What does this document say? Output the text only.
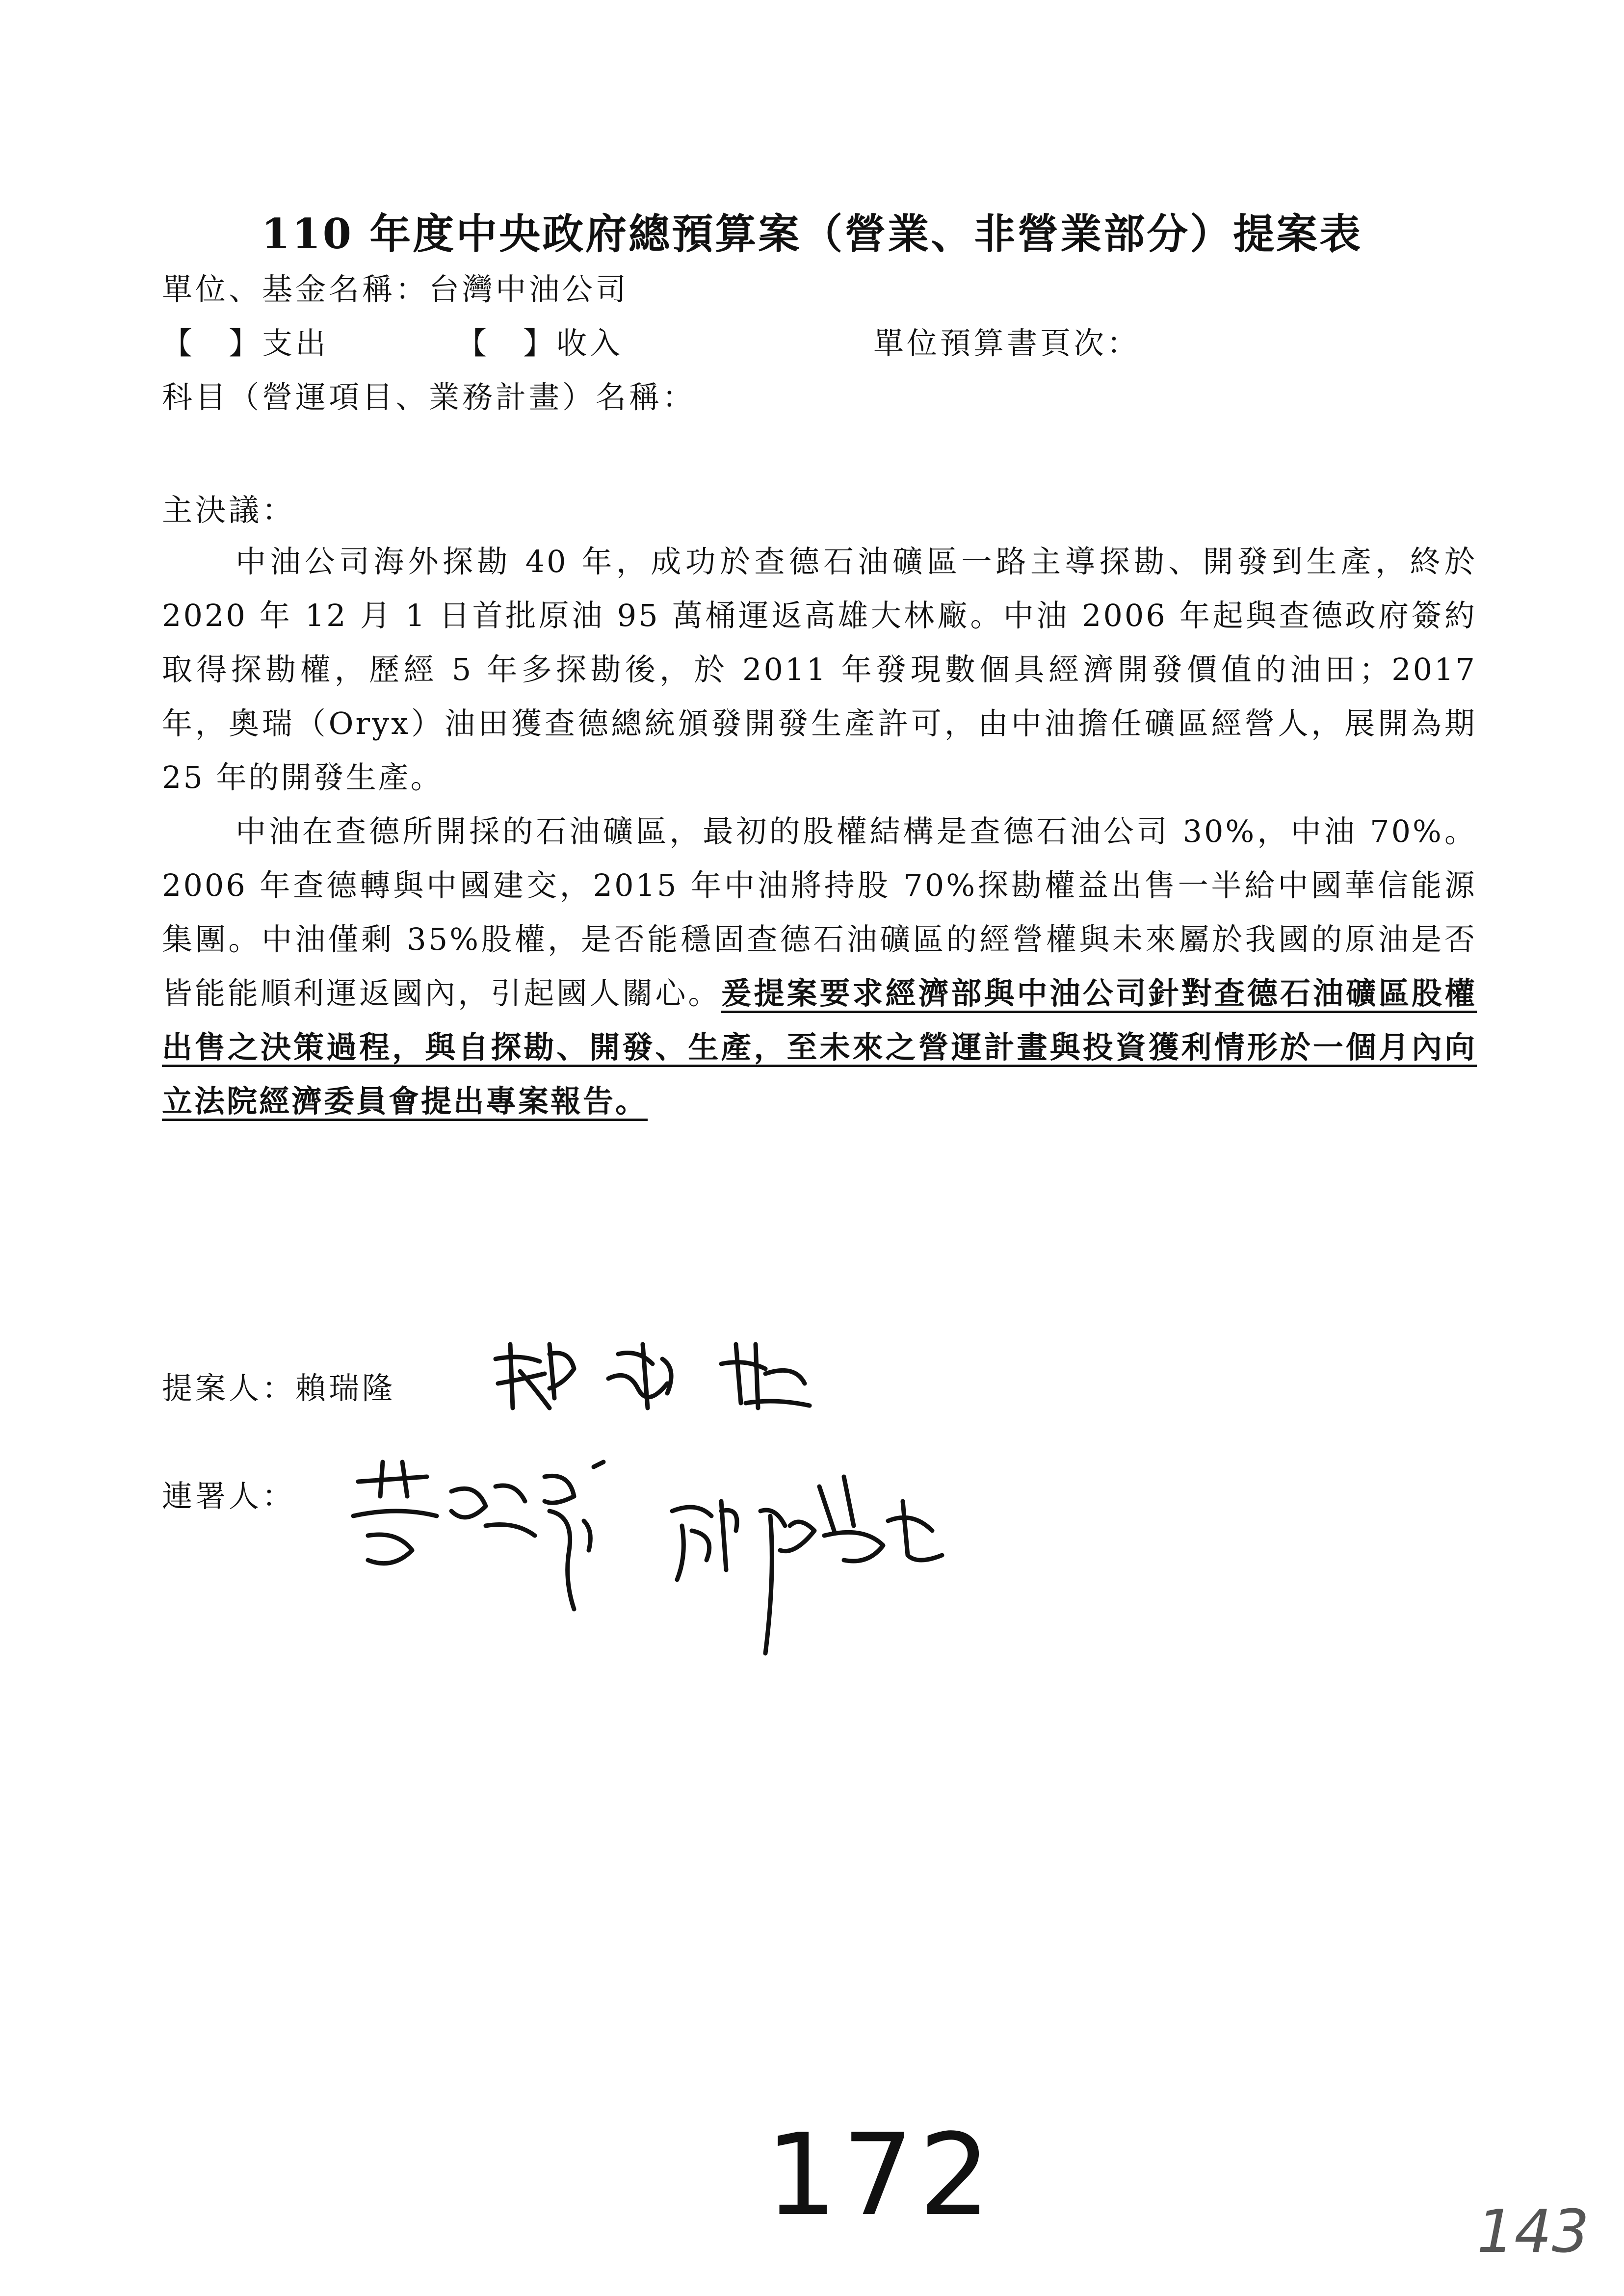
110 年度中央政府總預算案（營業、非營業部分）提案表
單位、基金名稱：台灣中油公司
【　】支出	【　】收入	單位預算書頁次：
科目（營運項目、業務計畫）名稱：
主決議：

中油公司海外探勘 40 年，成功於查德石油礦區一路主導探勘、開發到生產，終於 2020 年 12 月 1 日首批原油 95 萬桶運返高雄大林廠。中油 2006 年起與查德政府簽約取得探勘權，歷經 5 年多探勘後，於 2011 年發現數個具經濟開發價值的油田；2017 年，奧瑞（Oryx）油田獲查德總統頒發開發生產許可，由中油擔任礦區經營人，展開為期 25 年的開發生產。

中油在查德所開採的石油礦區，最初的股權結構是查德石油公司 30%，中油 70%。2006 年查德轉與中國建交，2015 年中油將持股 70%探勘權益出售一半給中國華信能源集團。中油僅剩 35%股權，是否能穩固查德石油礦區的經營權與未來屬於我國的原油是否皆能能順利運返國內，引起國人關心。爰提案要求經濟部與中油公司針對查德石油礦區股權出售之決策過程，與自探勘、開發、生產，至未來之營運計畫與投資獲利情形於一個月內向立法院經濟委員會提出專案報告。

提案人：賴瑞隆
連署人：
172	143
